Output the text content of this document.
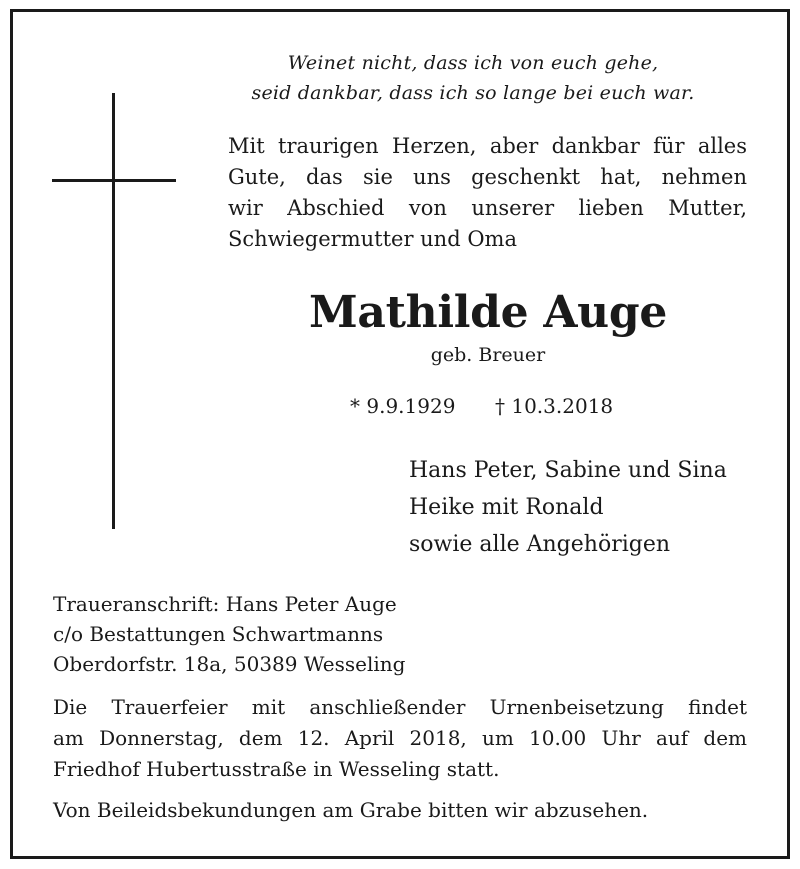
Weinet nicht, dass ich von euch gehe,
seid dankbar, dass ich so lange bei euch war.
Mit traurigen Herzen, aber dankbar für alles
Gute, das sie uns geschenkt hat, nehmen
wir Abschied von unserer lieben Mutter,
Schwiegermutter und Oma
Mathilde Auge
geb. Breuer
* 9.9.1929 † 10.3.2018
Hans Peter, Sabine und Sina
Heike mit Ronald
sowie alle Angehörigen
Traueranschrift: Hans Peter Auge
c/o Bestattungen Schwartmanns
Oberdorfstr. 18a, 50389 Wesseling
Die Trauerfeier mit anschließender Urnenbeisetzung findet
am Donnerstag, dem 12. April 2018, um 10.00 Uhr auf dem
Friedhof Hubertusstraße in Wesseling statt.
Von Beileidsbekundungen am Grabe bitten wir abzusehen.
